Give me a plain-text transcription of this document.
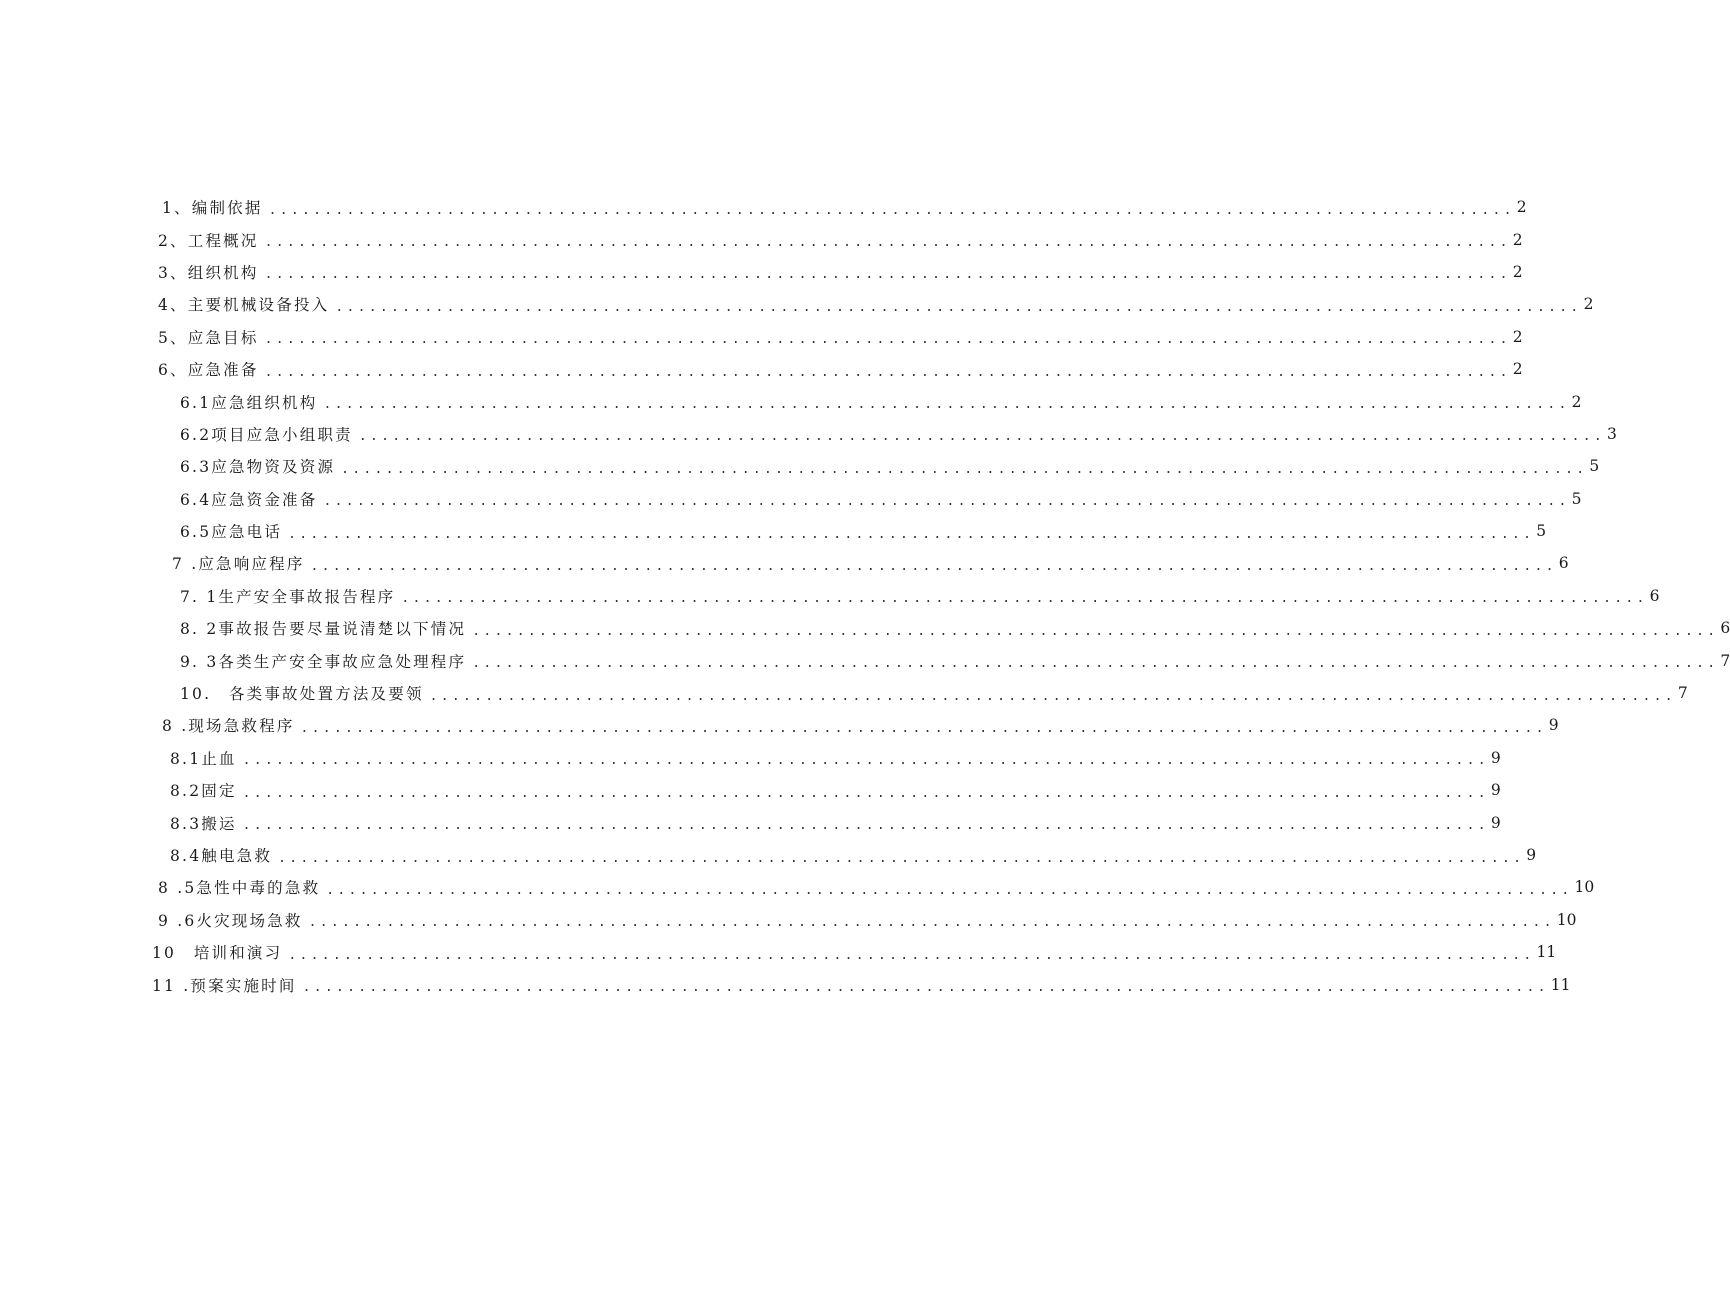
1、编制依据 ................................................................................................................ 2
2、工程概况 ................................................................................................................ 2
3、组织机构 ................................................................................................................ 2
4、主要机械设备投入 ................................................................................................................ 2
5、应急目标 ................................................................................................................ 2
6、应急准备 ................................................................................................................ 2
6.1应急组织机构 ................................................................................................................ 2
6.2项目应急小组职责 ................................................................................................................ 3
6.3应急物资及资源 ................................................................................................................ 5
6.4应急资金准备 ................................................................................................................ 5
6.5应急电话 ................................................................................................................ 5
7 .应急响应程序 ................................................................................................................ 6
7. 1生产安全事故报告程序 ................................................................................................................ 6
8. 2事故报告要尽量说清楚以下情况 ................................................................................................................ 6
9. 3各类生产安全事故应急处理程序 ................................................................................................................ 7
10.　各类事故处置方法及要领 ................................................................................................................ 7
8 .现场急救程序 ................................................................................................................ 9
8.1止血 ................................................................................................................ 9
8.2固定 ................................................................................................................ 9
8.3搬运 ................................................................................................................ 9
8.4触电急救 ................................................................................................................ 9
8 .5急性中毒的急救 ................................................................................................................ 10
9 .6火灾现场急救 ................................................................................................................ 10
10　培训和演习 ................................................................................................................ 11
11 .预案实施时间 ................................................................................................................ 11
